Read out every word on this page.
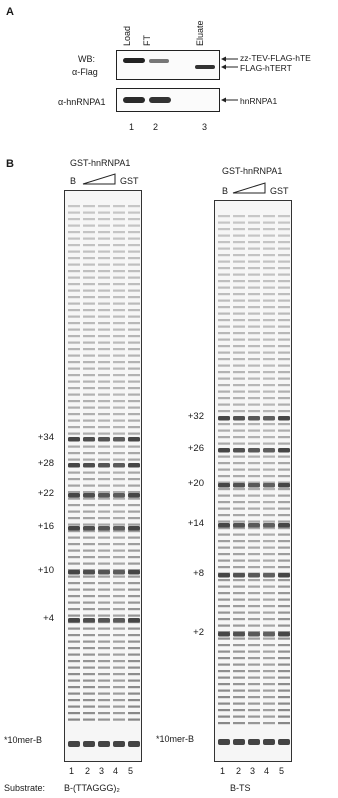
A
Load FT	Eluate
WB:
α-Flag
zz-TEV-FLAG-hTE
FLAG-hTERT
α-hnRNPA1	hnRNPA1
1 2	3
B	GST-hnRNPA1
B	GST
+34
+28
+22
+16
+10
+4
*10mer-B
1 2 3 4 5
Substrate: B-(TTAGGG)₂
GST-hnRNPA1
B	GST
+32
+26
+20
+14
+8
+2
*10mer-B
1 2 3 4 5
B-TS
